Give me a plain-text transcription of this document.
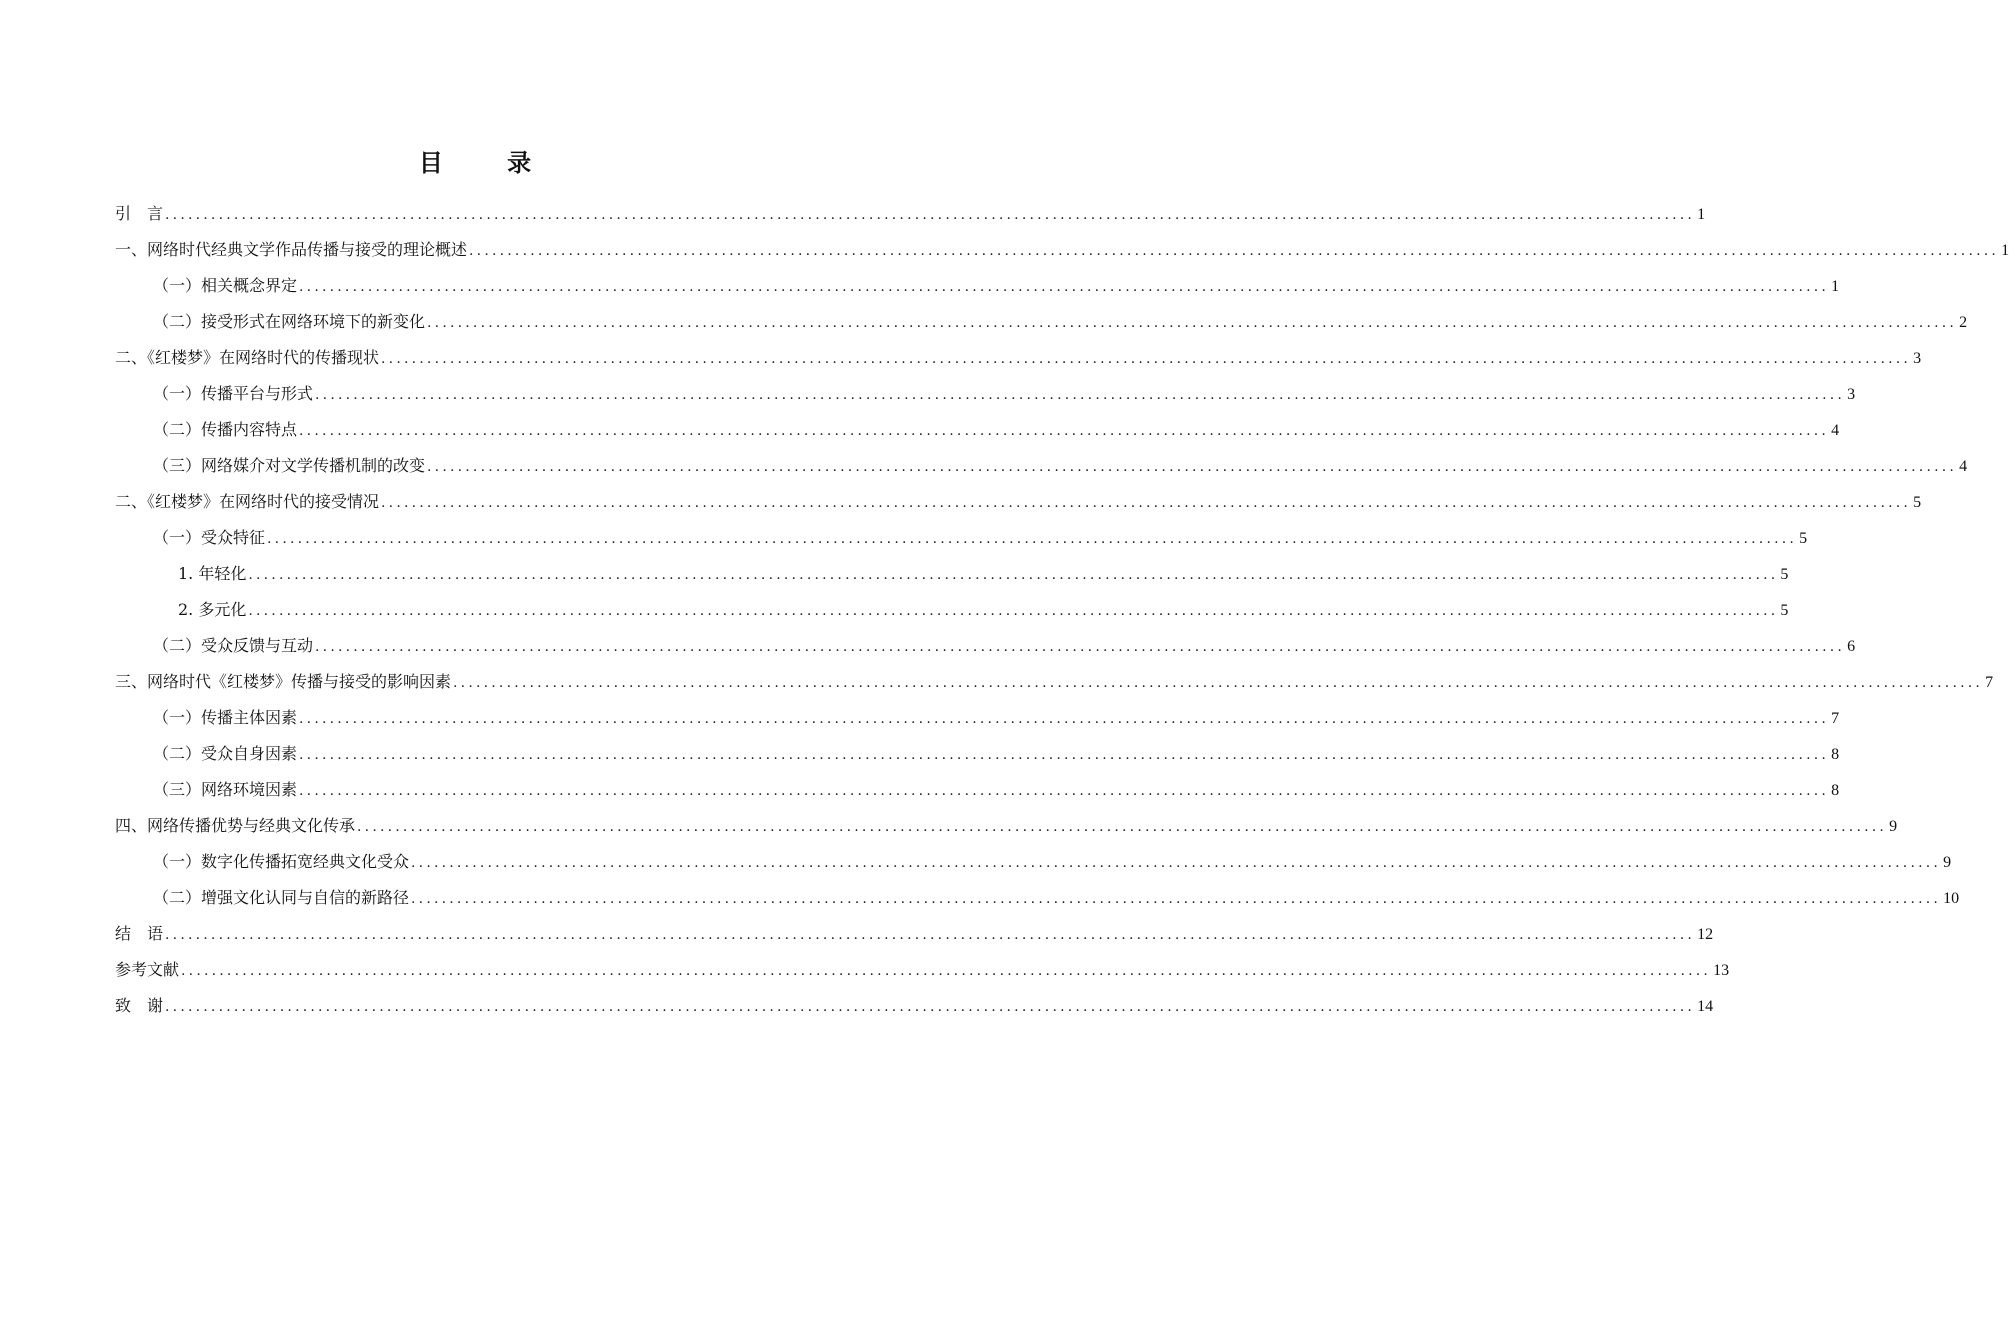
目 录
引　言 ........................................................................................................................................................................................................ 1
一、网络时代经典文学作品传播与接受的理论概述 ........................................................................................................................................................................................................ 1
（一）相关概念界定 ........................................................................................................................................................................................................ 1
（二）接受形式在网络环境下的新变化 ........................................................................................................................................................................................................ 2
二、《红楼梦》在网络时代的传播现状 ........................................................................................................................................................................................................ 3
（一）传播平台与形式 ........................................................................................................................................................................................................ 3
（二）传播内容特点 ........................................................................................................................................................................................................ 4
（三）网络媒介对文学传播机制的改变 ........................................................................................................................................................................................................ 4
二、《红楼梦》在网络时代的接受情况 ........................................................................................................................................................................................................ 5
（一）受众特征 ........................................................................................................................................................................................................ 5
1. 年轻化 ........................................................................................................................................................................................................ 5
2. 多元化 ........................................................................................................................................................................................................ 5
（二）受众反馈与互动 ........................................................................................................................................................................................................ 6
三、网络时代《红楼梦》传播与接受的影响因素 ........................................................................................................................................................................................................ 7
（一）传播主体因素 ........................................................................................................................................................................................................ 7
（二）受众自身因素 ........................................................................................................................................................................................................ 8
（三）网络环境因素 ........................................................................................................................................................................................................ 8
四、网络传播优势与经典文化传承 ........................................................................................................................................................................................................ 9
（一）数字化传播拓宽经典文化受众 ........................................................................................................................................................................................................ 9
（二）增强文化认同与自信的新路径 ........................................................................................................................................................................................................ 10
结　语 ........................................................................................................................................................................................................ 12
参考文献 ........................................................................................................................................................................................................ 13
致　谢 ........................................................................................................................................................................................................ 14
